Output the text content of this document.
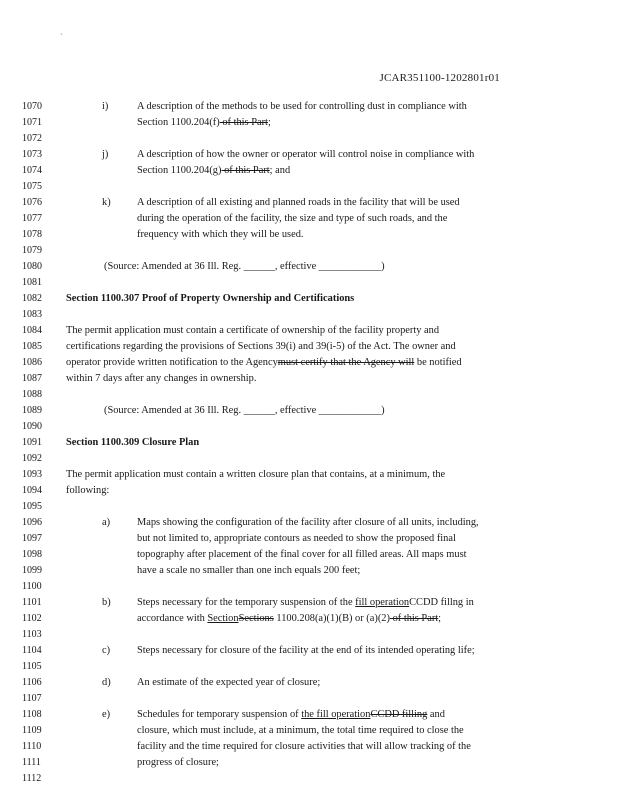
`
JCAR351100-1202801r01
1070
1071
1072
1073
1074
1075
1076
1077
1078
1079
1080
1081
1082
1083
1084
1085
1086
1087
1088
1089
1090
1091
1092
1093
1094
1095
1096
1097
1098
1099
1100
1101
1102
1103
1104
1105
1106
1107
1108
1109
1110
1111
1112
i)	A description of the methods to be used for controlling dust in compliance with
Section 1100.204(f) of this Part;
j)	A description of how the owner or operator will control noise in compliance with
Section 1100.204(g) of this Part; and
k)	A description of all existing and planned roads in the facility that will be used
during the operation of the facility, the size and type of such roads, and the
frequency with which they will be used.
(Source: Amended at 36 Ill. Reg. ______, effective ____________)
Section 1100.307 Proof of Property Ownership and Certifications
The permit application must contain a certificate of ownership of the facility property and
certifications regarding the provisions of Sections 39(i) and 39(i-5) of the Act. The owner and
operator provide written notification to the Agencymust certify that the Agency will be notified
within 7 days after any changes in ownership.
(Source: Amended at 36 Ill. Reg. ______, effective ____________)
Section 1100.309 Closure Plan
The permit application must contain a written closure plan that contains, at a minimum, the
following:
a)	Maps showing the configuration of the facility after closure of all units, including,
but not limited to, appropriate contours as needed to show the proposed final
topography after placement of the final cover for all filled areas. All maps must
have a scale no smaller than one inch equals 200 feet;
b)	Steps necessary for the temporary suspension of the fill operationCCDD fillng in
accordance with SectionSections 1100.208(a)(1)(B) or (a)(2) of this Part;
c)	Steps necessary for closure of the facility at the end of its intended operating life;
d)	An estimate of the expected year of closure;
e)	Schedules for temporary suspension of the fill operationCCDD filling and
closure, which must include, at a minimum, the total time required to close the
facility and the time required for closure activities that will allow tracking of the
progress of closure;
